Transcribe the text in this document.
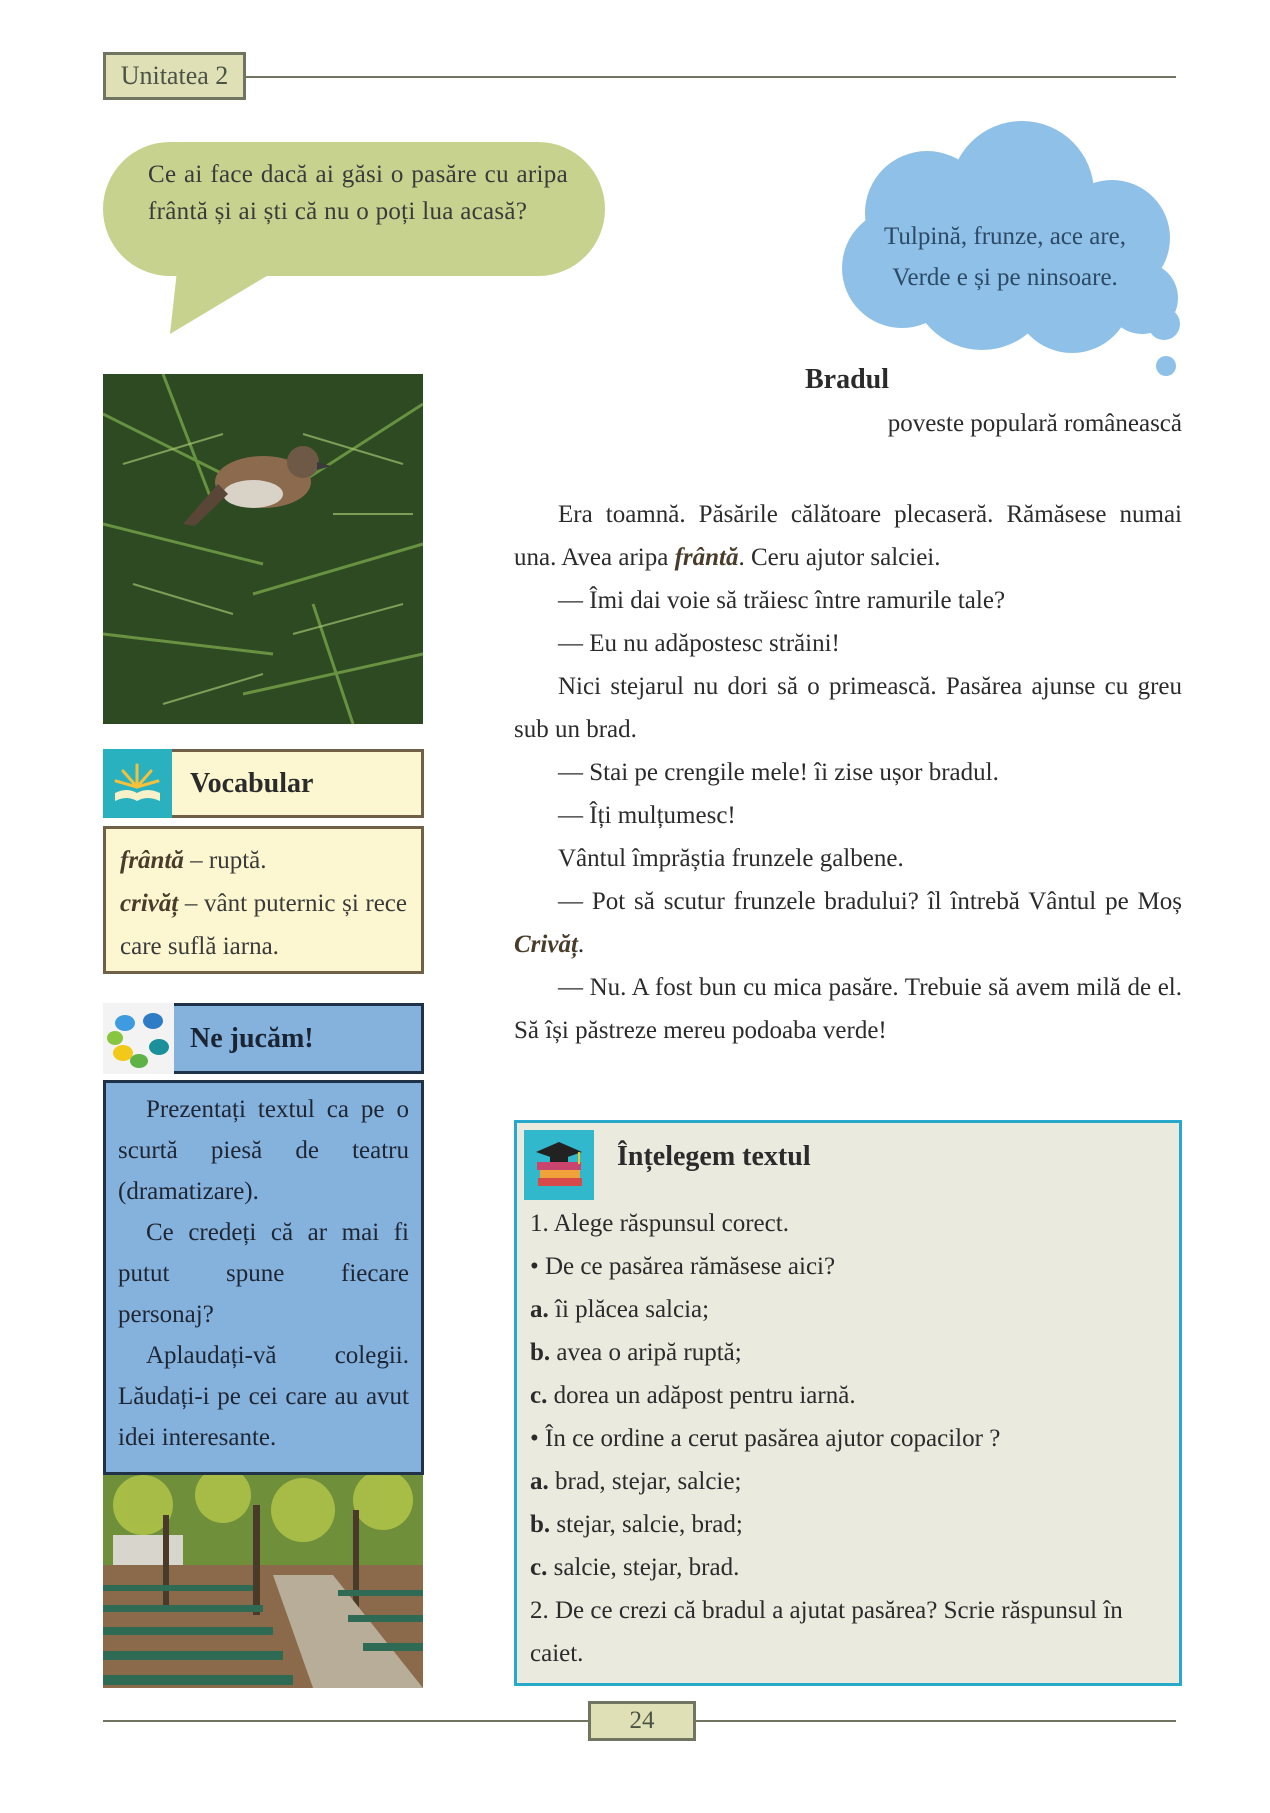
Unitatea 2
Ce ai face dacă ai găsi o pasăre cu aripa frântă și ai ști că nu o poți lua acasă?
Tulpină, frunze, ace are,
Verde e și pe ninsoare.
Vocabular
frântă – ruptă.
crivăț – vânt puternic și rece care suflă iarna.
Ne jucăm!
Prezentați textul ca pe o scurtă piesă de teatru (dramatizare).
Ce credeți că ar mai fi putut spune fiecare personaj?
Aplaudați-vă colegii. Lăudați-i pe cei care au avut idei interesante.
Bradul
poveste populară românească

Era toamnă. Păsările călătoare plecaseră. Rămăsese numai una. Avea aripa frântă. Ceru ajutor salciei.

— Îmi dai voie să trăiesc între ramurile tale?

— Eu nu adăpostesc străini!

Nici stejarul nu dori să o primească. Pasărea ajunse cu greu sub un brad.

— Stai pe crengile mele! îi zise ușor bradul.

— Îți mulțumesc!

Vântul împrăștia frunzele galbene.

— Pot să scutur frunzele bradului? îl întrebă Vântul pe Moș Crivăț.

— Nu. A fost bun cu mica pasăre. Trebuie să avem milă de el. Să își păstreze mereu podoaba verde!

Înțelegem textul

1. Alege răspunsul corect.

• De ce pasărea rămăsese aici?

a. îi plăcea salcia;

b. avea o aripă ruptă;

c. dorea un adăpost pentru iarnă.

• În ce ordine a cerut pasărea ajutor copacilor ?

a. brad, stejar, salcie;

b. stejar, salcie, brad;

c. salcie, stejar, brad.

2. De ce crezi că bradul a ajutat pasărea? Scrie răspunsul în caiet.

24
